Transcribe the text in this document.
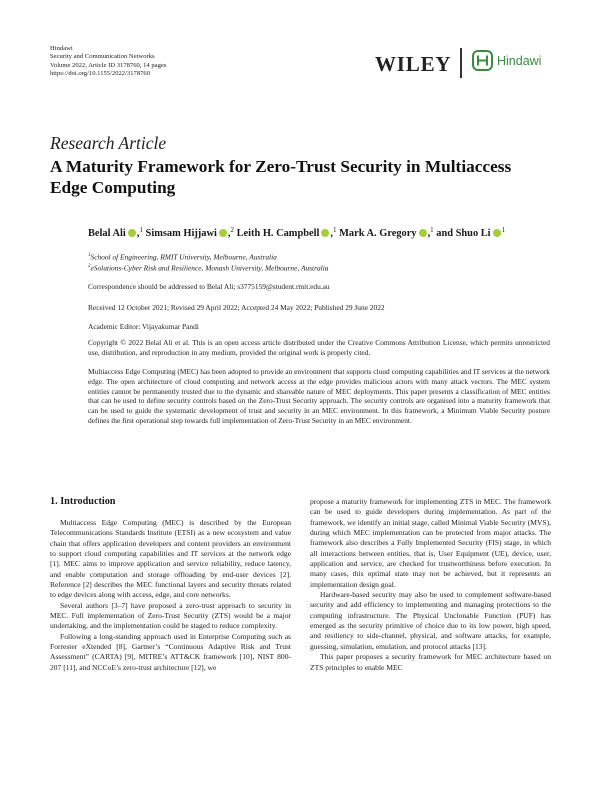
Hindawi
Security and Communication Networks
Volume 2022, Article ID 3178760, 14 pages
https://doi.org/10.1155/2022/3178760	WILEY	Hindawi
Research Article
A Maturity Framework for Zero-Trust Security in Multiaccess Edge Computing
Belal Ali ,$^1$ Simsam Hijjawi ,$^2$ Leith H. Campbell ,$^1$ Mark A. Gregory ,$^1$ and Shuo Li $^1$
$^1$School of Engineering, RMIT University, Melbourne, Australia
$^2$eSolutions-Cyber Risk and Resilience, Monash University, Melbourne, Australia
Correspondence should be addressed to Belal Ali; s3775159@student.rmit.edu.au
Received 12 October 2021; Revised 29 April 2022; Accepted 24 May 2022; Published 29 June 2022
Academic Editor: Vijayakumar Pandi
Copyright © 2022 Belal Ali et al. This is an open access article distributed under the Creative Commons Attribution License, which permits unrestricted use, distribution, and reproduction in any medium, provided the original work is properly cited.
Multiaccess Edge Computing (MEC) has been adopted to provide an environment that supports cloud computing capabilities and IT services at the network edge. The open architecture of cloud computing and network access at the edge provides malicious actors with many attack vectors. The MEC system entities cannot be permanently trusted due to the dynamic and shareable nature of MEC deployments. This paper presents a classification of MEC entities that can be used to define security controls based on the Zero-Trust Security approach. The security controls are organised into a maturity framework that can be used to guide the systematic development of trust and security in an MEC environment. In this framework, a Minimum Viable Security posture defines the first operational step towards full implementation of Zero-Trust Security in an MEC environment.
1. Introduction

Multiaccess Edge Computing (MEC) is described by the European Telecommunications Standards Institute (ETSI) as a new ecosystem and value chain that offers application developers and content providers an environment to support cloud computing capabilities and IT services at the network edge [1]. MEC aims to improve application and service reliability, reduce latency, and enable computation and storage offloading by end-user devices [2]. Reference [2] describes the MEC functional layers and security threats related to edge devices along with access, edge, and core networks.

Several authors [3–7] have proposed a zero-trust approach to security in MEC. Full implementation of Zero-Trust Security (ZTS) would be a major undertaking, and the implementation could be staged to reduce complexity.

Following a long-standing approach used in Enterprise Computing such as Forrester eXtended [8], Gartner’s “Continuous Adaptive Risk and Trust Assessment” (CARTA) [9], MITRE’s ATT&CK framework [10], NIST 800-207 [11], and NCCoE’s zero-trust architecture [12], we

propose a maturity framework for implementing ZTS in MEC. The framework can be used to guide developers during implementation. As part of the framework, we identify an initial stage, called Minimal Viable Security (MVS), during which MEC implementation can be protected from major attacks. The framework also describes a Fully Implemented Security (FIS) stage, in which all interactions between entities, that is, User Equipment (UE), device, user, application and service, are checked for trustworthiness before execution. In many cases, this optimal state may not be achieved, but it represents an implementation design goal.

Hardware-based security may also be used to complement software-based security and add efficiency to implementing and managing protections to the computing infrastructure. The Physical Unclonable Function (PUF) has emerged as the security primitive of choice due to its low power, high speed, and resiliency to side-channel, physical, and software attacks, for example, guessing, simulation, emulation, and protocol attacks [13].

This paper proposes a security framework for MEC architecture based on ZTS principles to enable MEC
